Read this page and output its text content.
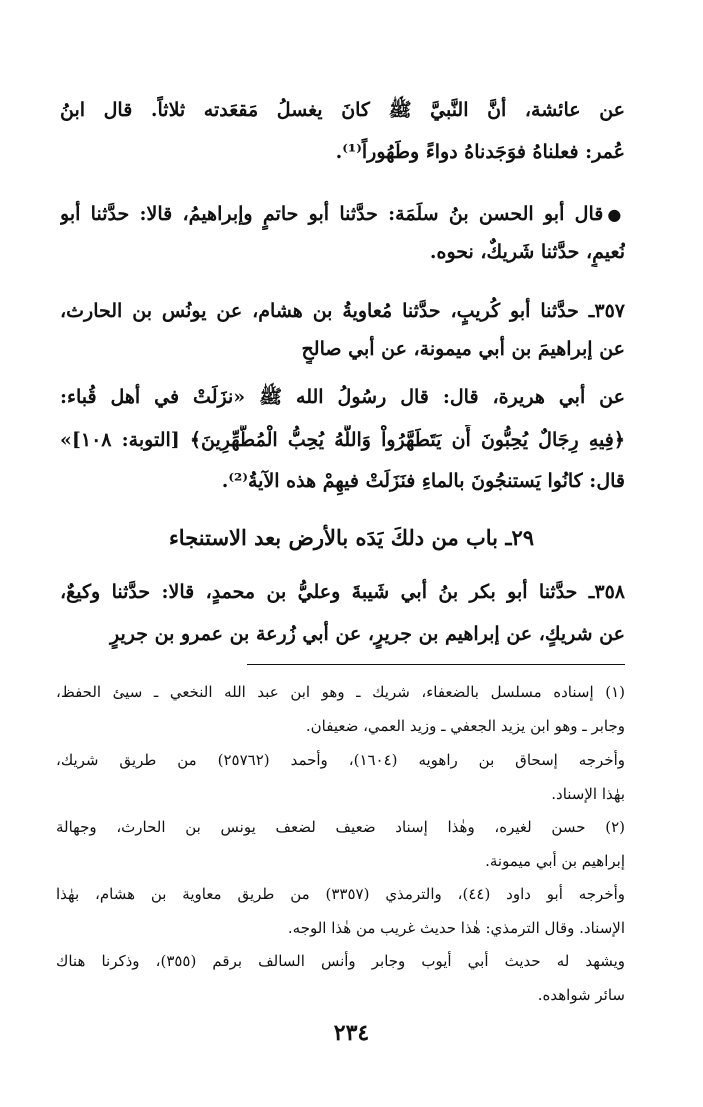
عن عائشة، أنَّ النَّبيَّ ﷺ كانَ يغسلُ مَقعَدته ثلاثاً. قال ابنُ
عُمر: فعلناهُ فوَجَدناهُ دواءً وطَهُوراً⁽¹⁾.
●قال أبو الحسن بنُ سلَمَة: حدَّثنا أبو حاتمٍ وإبراهيمُ، قالا: حدَّثنا أبو
نُعيمٍ، حدَّثنا شَريكٌ، نحوه.
٣٥٧ـ حدَّثنا أبو كُريبٍ، حدَّثنا مُعاويةُ بن هشام، عن يونُس بن الحارث،
عن إبراهيمَ بن أبي ميمونة، عن أبي صالحٍ
عن أبي هريرة، قال: قال رسُولُ الله ﷺ «نزَلَتْ في أهل قُباء:
﴿فِيهِ رِجَالٌ يُحِبُّونَ أَن يَتَطَهَّرُواْ وَاللَّهُ يُحِبُّ الْمُطَّهِّرِينَ﴾ [التوبة: ١٠٨]»
قال: كانُوا يَستنجُونَ بالماءِ فنَزَلَتْ فيهِمْ هذه الآيةُ⁽²⁾.
٢٩ـ باب من دلكَ يَدَه بالأرض بعد الاستنجاء
٣٥٨ـ حدَّثنا أبو بكر بنُ أبي شَيبةَ وعليُّ بن محمدٍ، قالا: حدَّثنا وكيعٌ،
عن شريكٍ، عن إبراهيم بن جريرٍ، عن أبي زُرعة بن عمرو بن جريرٍ
(١) إسناده مسلسل بالضعفاء، شريك ـ وهو ابن عبد الله النخعي ـ سيئ الحفظ،
وجابر ـ وهو ابن يزيد الجعفي ـ وزيد العمي، ضعيفان.
وأخرجه إسحاق بن راهويه (١٦٠٤)، وأحمد (٢٥٧٦٢) من طريق شريك،
بهٰذا الإسناد.
(٢) حسن لغيره، وهٰذا إسناد ضعيف لضعف يونس بن الحارث، وجهالة
إبراهيم بن أبي ميمونة.
وأخرجه أبو داود (٤٤)، والترمذي (٣٣٥٧) من طريق معاوية بن هشام، بهٰذا
الإسناد. وقال الترمذي: هٰذا حديث غريب من هٰذا الوجه.
ويشهد له حديث أبي أيوب وجابر وأنس السالف برقم (٣٥٥)، وذكرنا هناك
سائر شواهده.
٢٣٤
